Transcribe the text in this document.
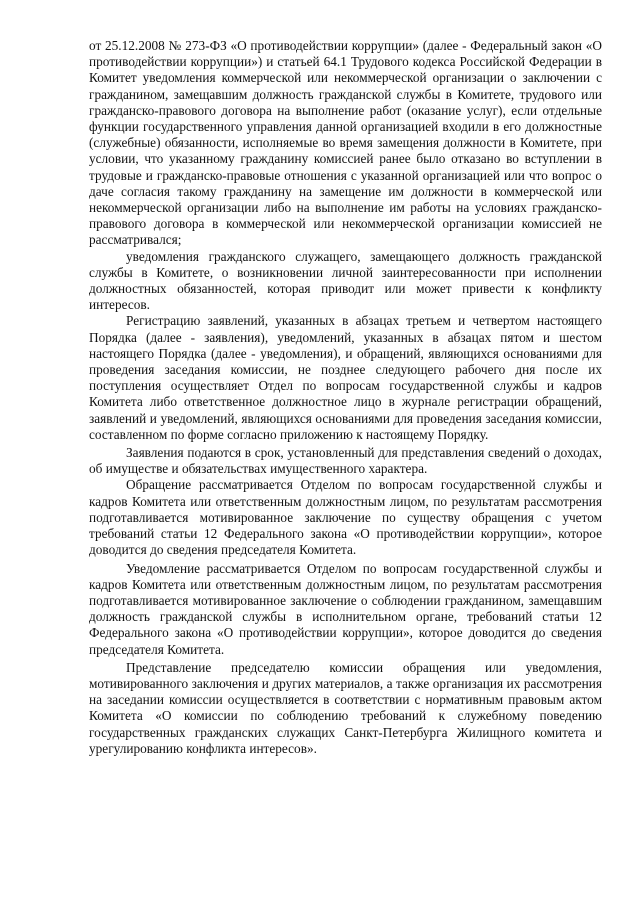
от 25.12.2008 № 273-ФЗ «О противодействии коррупции» (далее - Федеральный закон «О противодействии коррупции») и статьей 64.1 Трудового кодекса Российской Федерации в Комитет уведомления коммерческой или некоммерческой организации о заключении с гражданином, замещавшим должность гражданской службы в Комитете, трудового или гражданско-правового договора на выполнение работ (оказание услуг), если отдельные функции государственного управления данной организацией входили в его должностные (служебные) обязанности, исполняемые во время замещения должности в Комитете, при условии, что указанному гражданину комиссией ранее было отказано во вступлении в трудовые и гражданско-правовые отношения с указанной организацией или что вопрос о даче согласия такому гражданину на замещение им должности в коммерческой или некоммерческой организации либо на выполнение им работы на условиях гражданско-правового договора в коммерческой или некоммерческой организации комиссией не рассматривался;

уведомления гражданского служащего, замещающего должность гражданской службы в Комитете, о возникновении личной заинтересованности при исполнении должностных обязанностей, которая приводит или может привести к конфликту интересов.

Регистрацию заявлений, указанных в абзацах третьем и четвертом настоящего Порядка (далее - заявления), уведомлений, указанных в абзацах пятом и шестом настоящего Порядка (далее - уведомления), и обращений, являющихся основаниями для проведения заседания комиссии, не позднее следующего рабочего дня после их поступления осуществляет Отдел по вопросам государственной службы и кадров Комитета либо ответственное должностное лицо в журнале регистрации обращений, заявлений и уведомлений, являющихся основаниями для проведения заседания комиссии, составленном по форме согласно приложению к настоящему Порядку.

Заявления подаются в срок, установленный для представления сведений о доходах, об имуществе и обязательствах имущественного характера.

Обращение рассматривается Отделом по вопросам государственной службы и кадров Комитета или ответственным должностным лицом, по результатам рассмотрения подготавливается мотивированное заключение по существу обращения с учетом требований статьи 12 Федерального закона «О противодействии коррупции», которое доводится до сведения председателя Комитета.

Уведомление рассматривается Отделом по вопросам государственной службы и кадров Комитета или ответственным должностным лицом, по результатам рассмотрения подготавливается мотивированное заключение о соблюдении гражданином, замещавшим должность гражданской службы в исполнительном органе, требований статьи 12 Федерального закона «О противодействии коррупции», которое доводится до сведения председателя Комитета.

Представление председателю комиссии обращения или уведомления, мотивированного заключения и других материалов, а также организация их рассмотрения на заседании комиссии осуществляется в соответствии с нормативным правовым актом Комитета «О комиссии по соблюдению требований к служебному поведению государственных гражданских служащих Санкт-Петербурга Жилищного комитета и урегулированию конфликта интересов».
